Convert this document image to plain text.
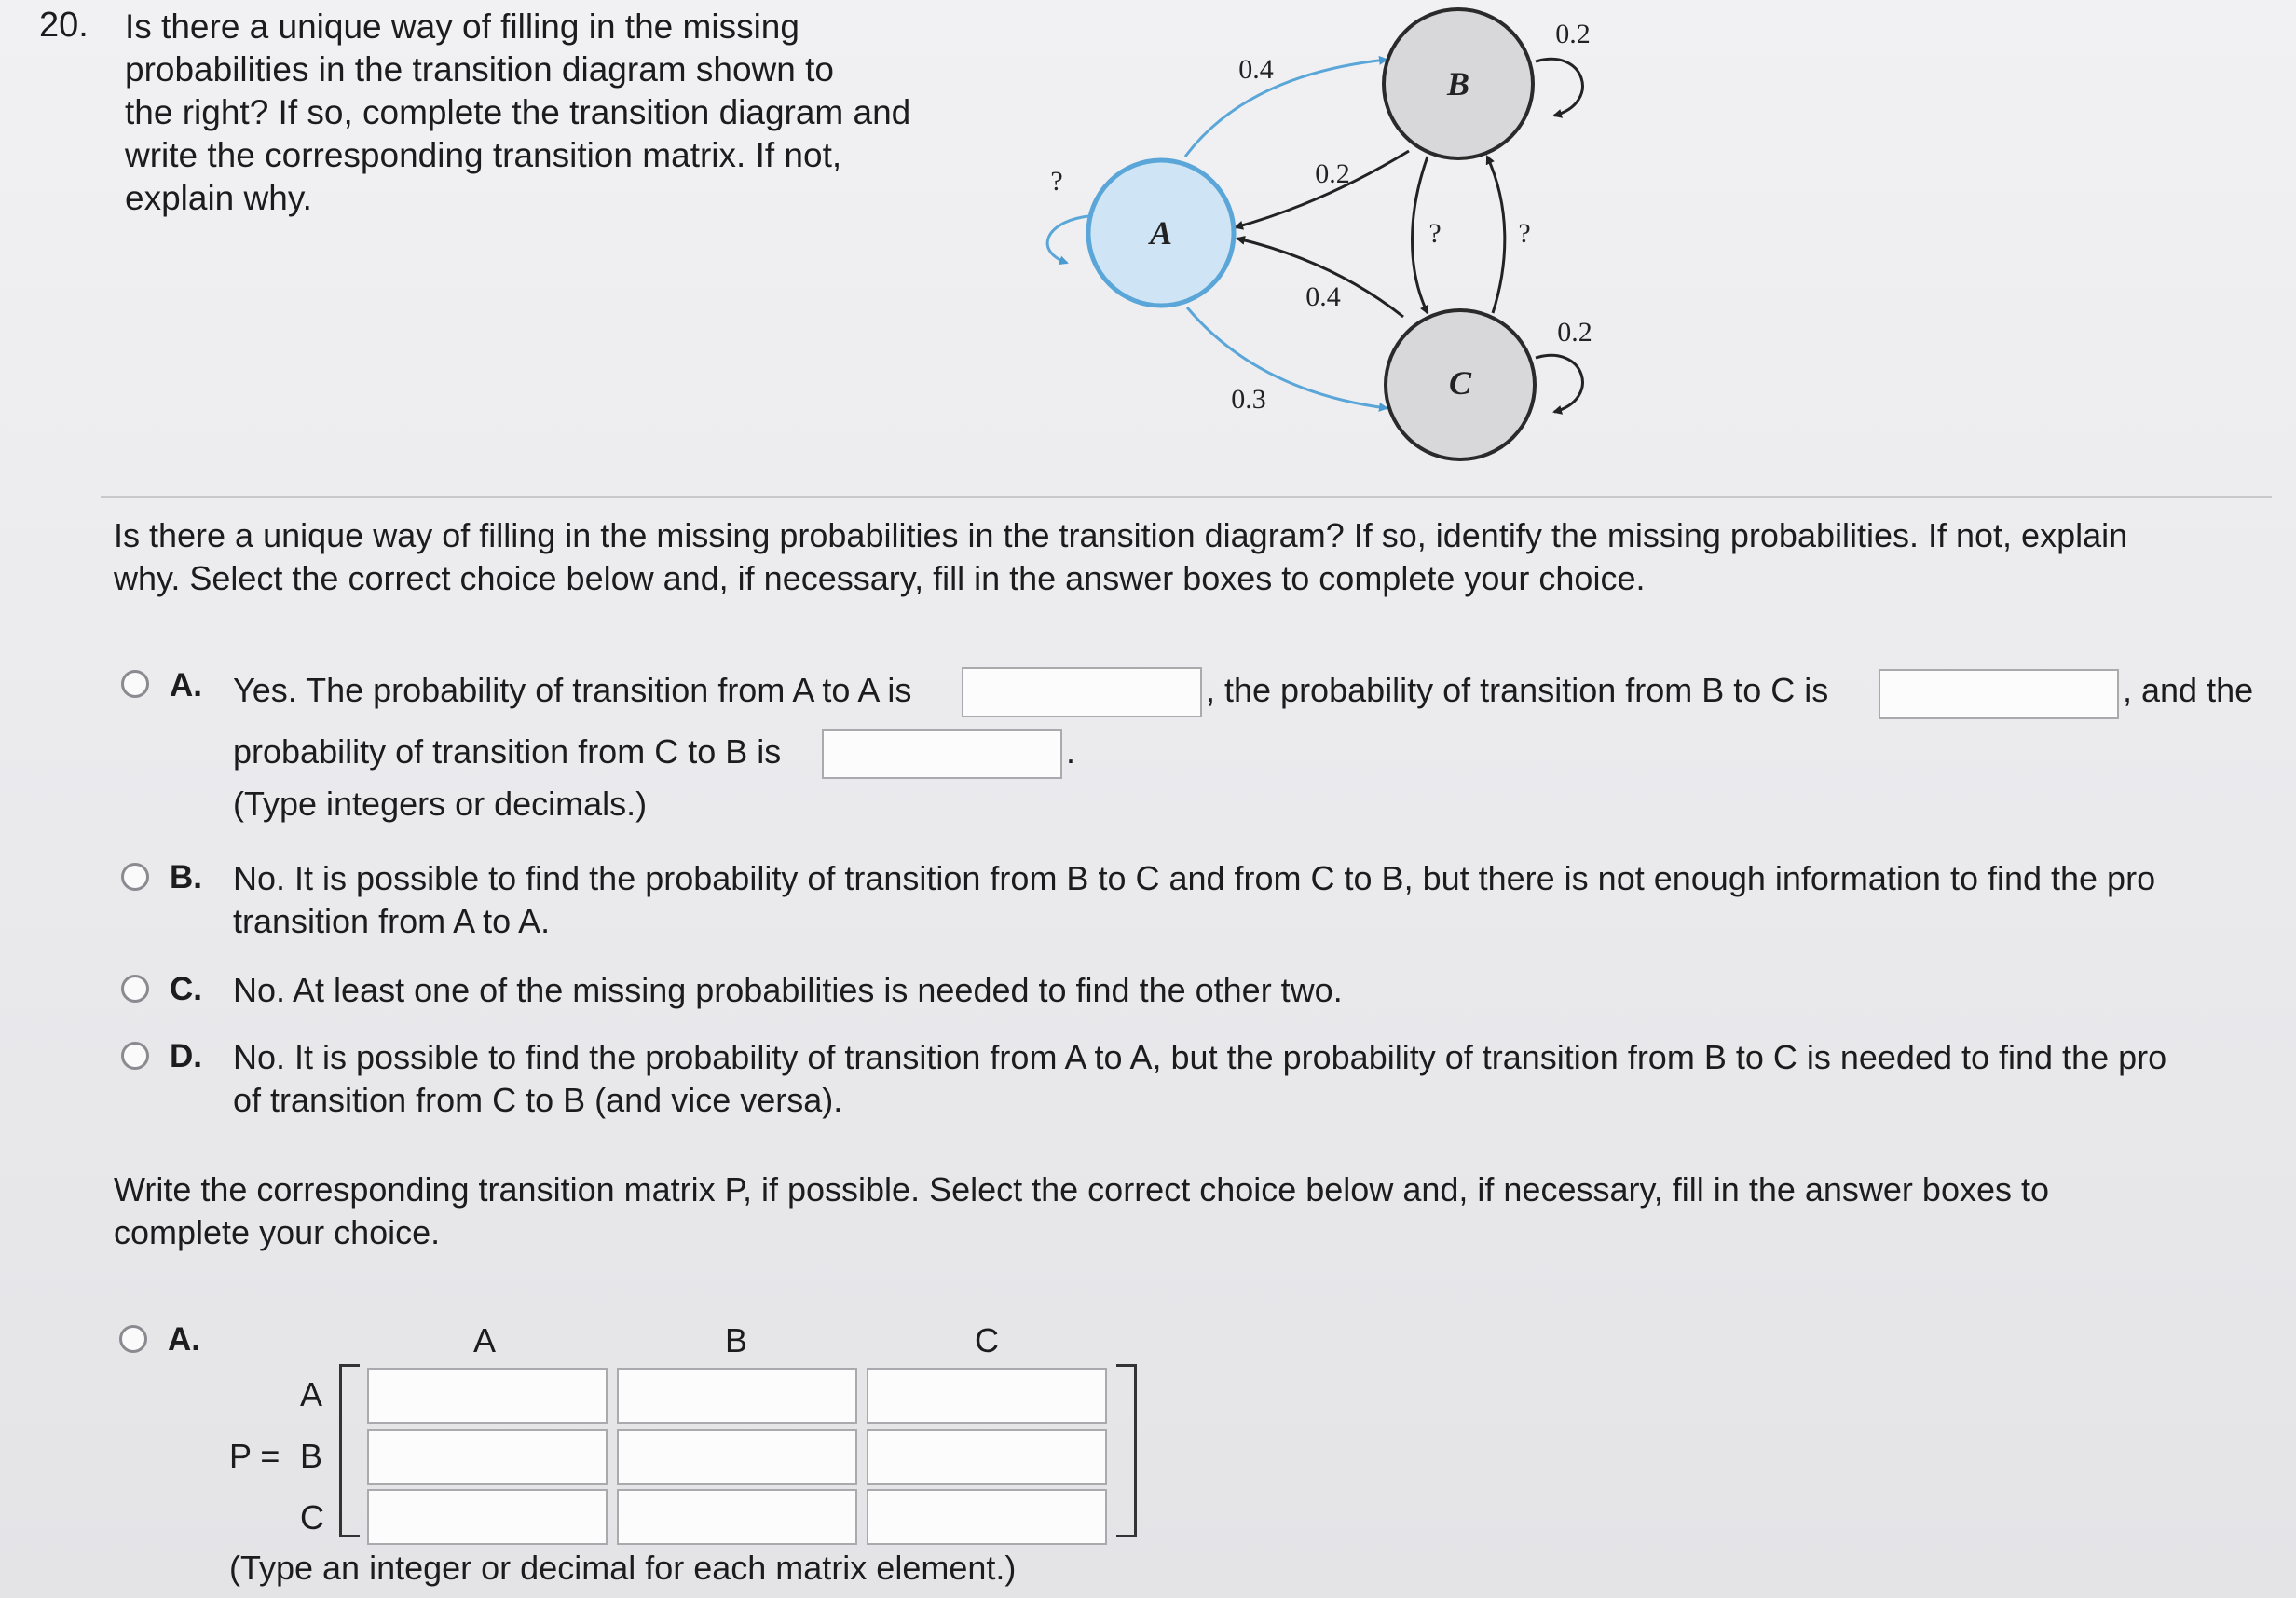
20. Is there a unique way of filling in the missing
probabilities in the transition diagram shown to
the right? If so, complete the transition diagram and
write the corresponding transition matrix. If not,
explain why.
A
B
C
0.4
0.2
0.4
0.3
?
0.2
0.2
?	?
Is there a unique way of filling in the missing probabilities in the transition diagram? If so, identify the missing probabilities. If not, explain
why. Select the correct choice below and, if necessary, fill in the answer boxes to complete your choice.
A. Yes. The probability of transition from A to A is	, the probability of transition from B to C is	, and the
probability of transition from C to B is	.
(Type integers or decimals.)
B. No. It is possible to find the probability of transition from B to C and from C to B, but there is not enough information to find the pro
transition from A to A.
C. No. At least one of the missing probabilities is needed to find the other two.
D. No. It is possible to find the probability of transition from A to A, but the probability of transition from B to C is needed to find the pro
of transition from C to B (and vice versa).
Write the corresponding transition matrix P, if possible. Select the correct choice below and, if necessary, fill in the answer boxes to
complete your choice.
A.	A	B	C
A
P = B
C
(Type an integer or decimal for each matrix element.)
